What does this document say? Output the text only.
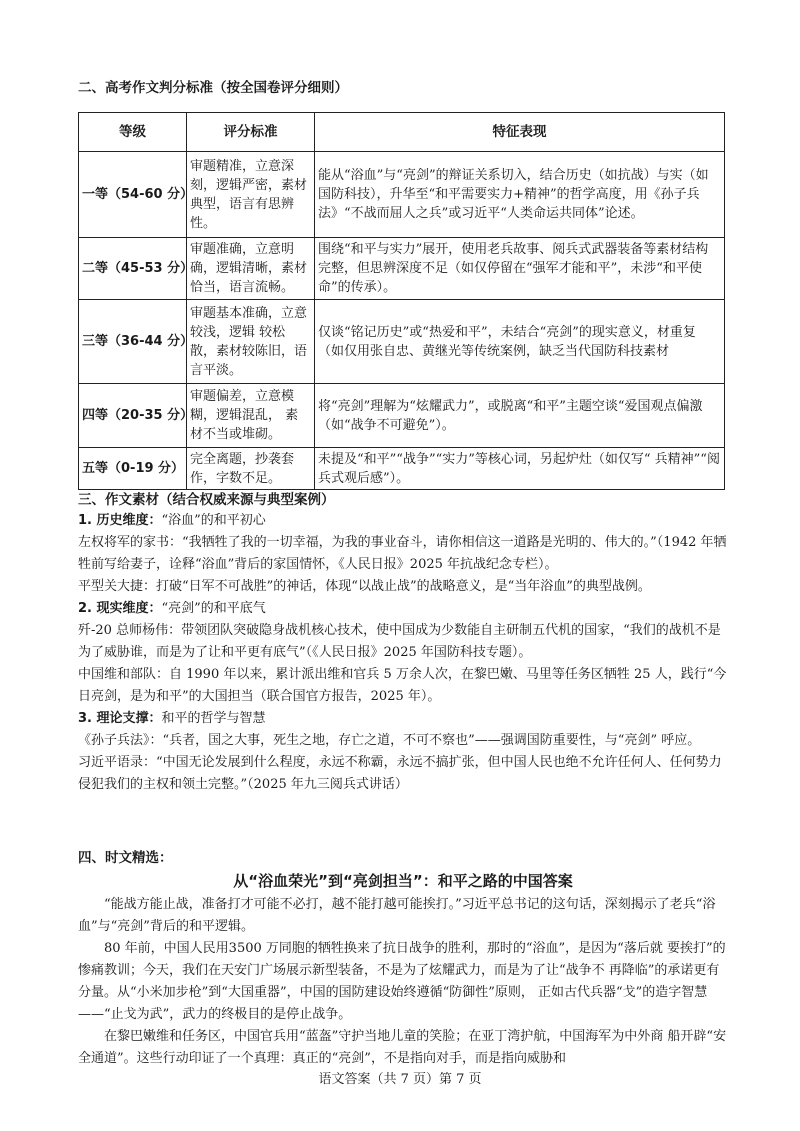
二、高考作文判分标准（按全国卷评分细则）
等级	评分标准	特征表现
一等（54-60 分）	审题精准，立意深刻，逻辑严密，素材典型，语言有思辨性。	能从“浴血”与“亮剑”的辩证关系切入，结合历史（如抗战）与实（如国防科技），升华至“和平需要实力+精神”的哲学高度，用《孙子兵法》“不战而屈人之兵”或习近平“人类命运共同体”论述。
二等（45-53 分）	审题准确，立意明确，逻辑清晰，素材恰当，语言流畅。	围绕“和平与实力”展开，使用老兵故事、阅兵式武器装备等素材结构完整，但思辨深度不足（如仅停留在“强军才能和平”，未涉“和平使命”的传承）。
三等（36-44 分）	审题基本准确，立意较浅，逻辑 较松散，素材较陈旧，语言平淡。	仅谈“铭记历史”或“热爱和平”，未结合“亮剑”的现实意义，材重复（如仅用张自忠、黄继光等传统案例，缺乏当代国防科技素材
四等（20-35 分）	审题偏差，立意模糊，逻辑混乱， 素材不当或堆砌。	将“亮剑”理解为“炫耀武力”，或脱离“和平”主题空谈“爱国观点偏激（如“战争不可避免”）。
五等（0-19 分）	完全离题，抄袭套作，字数不足。	未提及“和平”“战争”“实力”等核心词，另起炉灶（如仅写“ 兵精神”“阅兵式观后感”）。
三、作文素材（结合权威来源与典型案例）

1. 历史维度：“浴血”的和平初心

左权将军的家书：“我牺牲了我的一切幸福，为我的事业奋斗，请你相信这一道路是光明的、伟大的。”（1942 年牺牲前写给妻子，诠释“浴血”背后的家国情怀，《人民日报》2025 年抗战纪念专栏）。

平型关大捷：打破“日军不可战胜”的神话，体现“以战止战”的战略意义，是“当年浴血”的典型战例。

2. 现实维度：“亮剑”的和平底气

歼-20 总师杨伟：带领团队突破隐身战机核心技术，使中国成为少数能自主研制五代机的国家，“我们的战机不是为了威胁谁，而是为了让和平更有底气”（《人民日报》2025 年国防科技专题）。

中国维和部队：自 1990 年以来，累计派出维和官兵 5 万余人次，在黎巴嫩、马里等任务区牺牲 25 人，践行“今日亮剑，是为和平”的大国担当（联合国官方报告，2025 年）。

3. 理论支撑：和平的哲学与智慧

《孙子兵法》：“兵者，国之大事，死生之地，存亡之道，不可不察也”——强调国防重要性，与“亮剑” 呼应。

习近平语录：“中国无论发展到什么程度，永远不称霸，永远不搞扩张，但中国人民也绝不允许任何人、任何势力侵犯我们的主权和领土完整。”（2025 年九三阅兵式讲话）

四、时文精选：
从“浴血荣光”到“亮剑担当”：和平之路的中国答案

“能战方能止战，准备打才可能不必打，越不能打越可能挨打。”习近平总书记的这句话，深刻揭示了老兵“浴血”与“亮剑”背后的和平逻辑。

80 年前，中国人民用3500 万同胞的牺牲换来了抗日战争的胜利，那时的“浴血”，是因为“落后就 要挨打”的惨痛教训；今天，我们在天安门广场展示新型装备，不是为了炫耀武力，而是为了让“战争不 再降临”的承诺更有分量。从“小米加步枪”到“大国重器”，中国的国防建设始终遵循“防御性”原则， 正如古代兵器“戈”的造字智慧——“止戈为武”，武力的终极目的是停止战争。

在黎巴嫩维和任务区，中国官兵用“蓝盔”守护当地儿童的笑脸；在亚丁湾护航，中国海军为中外商 船开辟“安全通道”。这些行动印证了一个真理：真正的“亮剑”，不是指向对手，而是指向威胁和

语文答案（共 7 页）第 7 页
